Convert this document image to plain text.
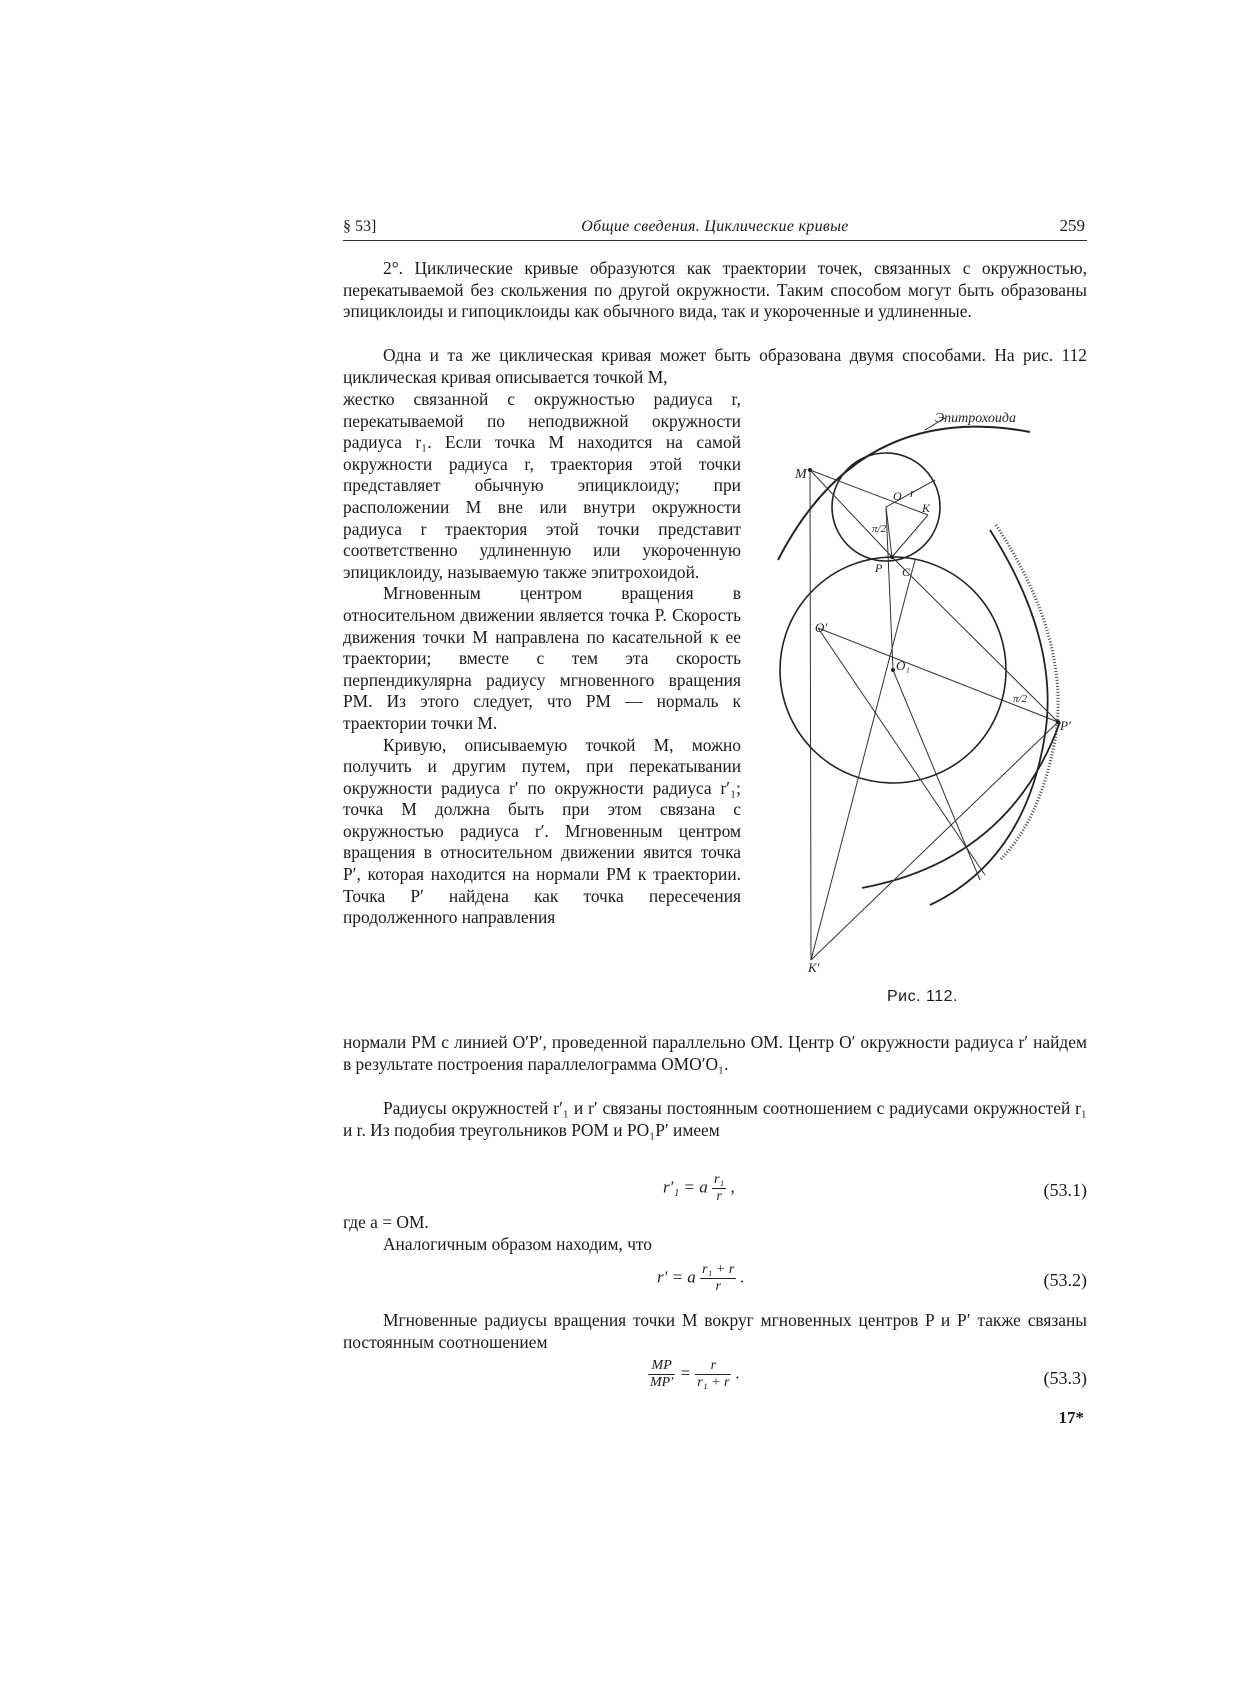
§ 53]	Общие сведения. Циклические кривые	259

2°. Циклические кривые образуются как траектории точек, связанных с окружностью, перекатываемой без скольжения по другой окружности. Таким способом могут быть образованы эпициклоиды и гипоциклоиды как обычного вида, так и укороченные и удлиненные.

Одна и та же циклическая кривая может быть образована двумя способами. На рис. 112 циклическая кривая описывается точкой M,

жестко связанной с окружностью радиуса r, перекатываемой по неподвижной окружности радиуса r₁. Если точка M находится на самой окружности радиуса r, траектория этой точки представляет обычную эпициклоиду; при расположении M вне или внутри окружности радиуса r траектория этой точки представит соответственно удлиненную или укороченную эпициклоиду, называемую также эпитрохоидой.

Мгновенным центром вращения в относительном движении является точка P. Скорость движения точки M направлена по касательной к ее траектории; вместе с тем эта скорость перпендикулярна радиусу мгновенного вращения PM. Из этого следует, что PM — нормаль к траектории точки M.

Кривую, описываемую точкой M, можно получить и другим путем, при перекатывании окружности радиуса r′ по окружности радиуса r′₁; точка M должна быть при этом связана с окружностью радиуса r′. Мгновенным центром вращения в относительном движении явится точка P′, которая находится на нормали PM к траектории. Точка P′ найдена как точка пересечения продолженного направления

нормали PM с линией O′P′, проведенной параллельно OM. Центр O′ окружности радиуса r′ найдем в результате построения параллелограмма OMO′O₁.

Радиусы окружностей r′₁ и r′ связаны постоянным соотношением с радиусами окружностей r₁ и r. Из подобия треугольников POM и PO₁P′ имеем

r′₁ = a $\frac{\text{r₁}}{r}$ ,	(53.1)

где a = OM.

Аналогичным образом находим, что

r′ = a $\frac{\text{r₁ + r}}{r}$ .	(53.2)

Мгновенные радиусы вращения точки M вокруг мгновенных центров P и P′ также связаны постоянным соотношением

$\frac{MP}{MP'} = \frac{r}{\text{r₁ + r}}$ .	(53.3)
17*
Эпитрохоида
M
O r
K
P C
O′
O₁
P′
K′
π/2
π/2
Рис. 112.
